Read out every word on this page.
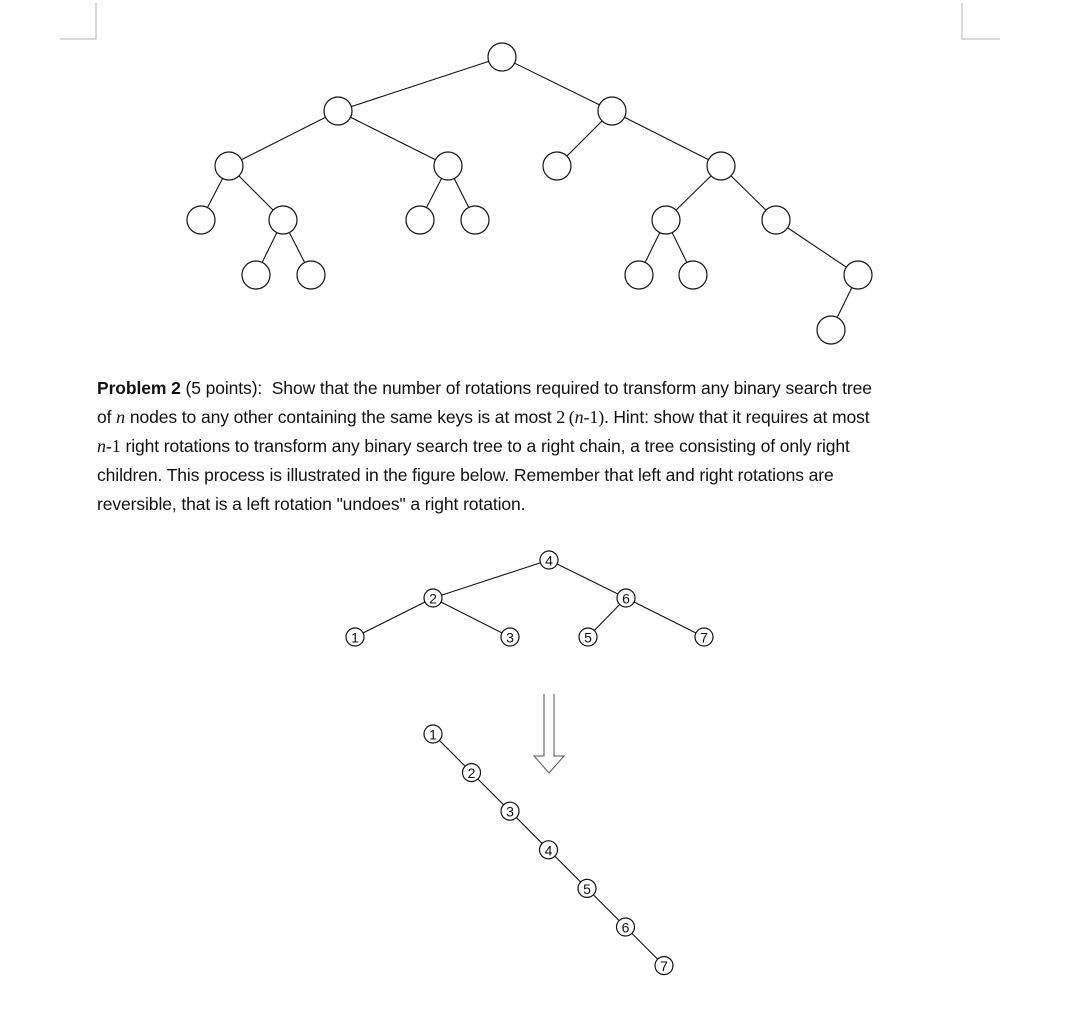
Problem 2 (5 points): Show that the number of rotations required to transform any binary search tree
of n nodes to any other containing the same keys is at most 2  (n-1). Hint: show that it requires at most
n-1 right rotations to transform any binary search tree to a right chain, a tree consisting of only right
children. This process is illustrated in the figure below. Remember that left and right rotations are
reversible, that is a left rotation "undoes" a right rotation.
4
2	6
1	3	5	7
1
2
3
4
5
6
7
